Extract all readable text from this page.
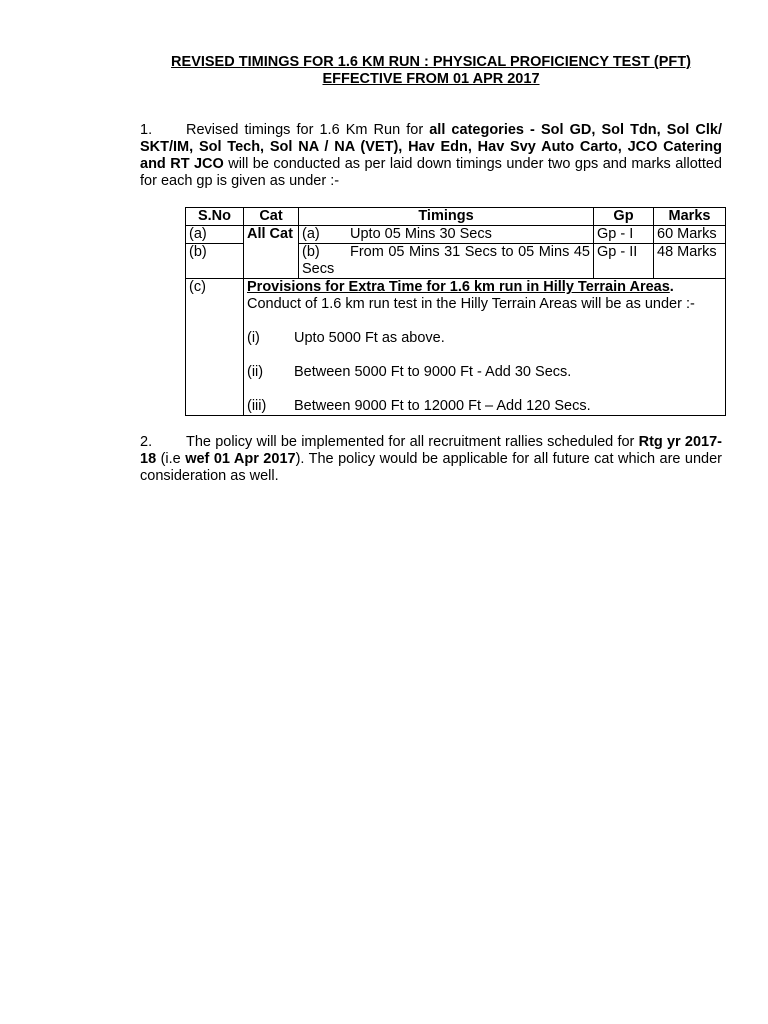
REVISED TIMINGS FOR 1.6 KM RUN : PHYSICAL PROFICIENCY TEST (PFT)
EFFECTIVE FROM 01 APR 2017
1. Revised timings for 1.6 Km Run for all categories - Sol GD, Sol Tdn, Sol Clk/ SKT/IM, Sol Tech, Sol NA / NA (VET), Hav Edn, Hav Svy Auto Carto, JCO Catering and RT JCO will be conducted as per laid down timings under two gps and marks allotted for each gp is given as under :-
S.No	Cat	Timings	Gp	Marks
(a)	All Cat	(a) Upto 05 Mins 30 Secs	Gp - I	60 Marks
(b)		(b) From 05 Mins 31 Secs to 05 Mins 45 Secs	Gp - II	48 Marks
(c)	Provisions for Extra Time for 1.6 km run in Hilly Terrain Areas.
Conduct of 1.6 km run test in the Hilly Terrain Areas will be as under :-
(i) Upto 5000 Ft as above.
(ii) Between 5000 Ft to 9000 Ft - Add 30 Secs.
(iii) Between 9000 Ft to 12000 Ft – Add 120 Secs.			
2. The policy will be implemented for all recruitment rallies scheduled for Rtg yr 2017-18 (i.e wef 01 Apr 2017). The policy would be applicable for all future cat which are under consideration as well.
